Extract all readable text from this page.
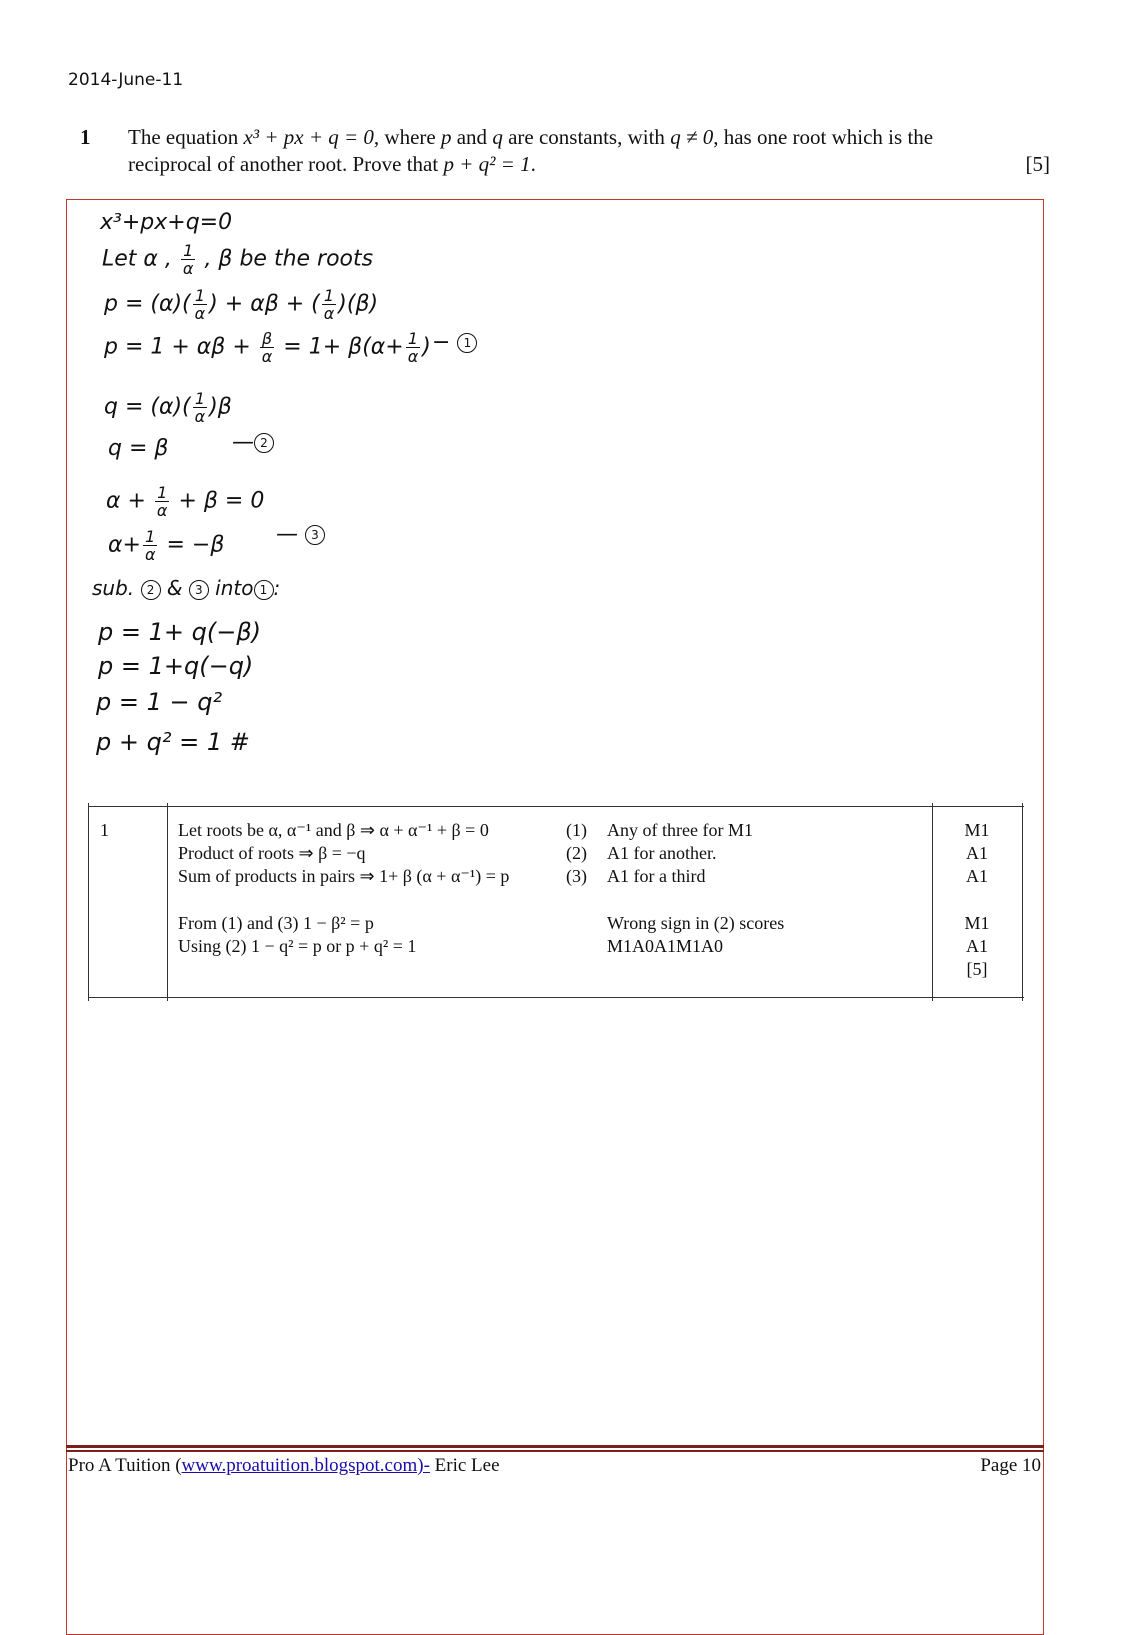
2014-June-11
1 The equation x³ + px + q = 0, where p and q are constants, with q ≠ 0, has one root which is the
reciprocal of another root. Prove that p + q² = 1.	[5]
x³+px+q=0
Let α , $\frac{1}{\alpha}$ , β be the roots
$p = (\alpha)( \frac{1}{\alpha}$ ) + αβ + ( $\frac{1}{\alpha} )(\beta)$
$p = 1 + \alpha\beta + \frac{\beta}{\alpha} = 1+ \beta(\alpha+ \frac{1}{\alpha}$ ) − 1
$q = (\alpha)( \frac{1}{\alpha} )\beta$
q = β	— 2
$\alpha + \frac{1}{\alpha} + \beta = 0$
$\alpha+ \frac{1}{\alpha} = -\beta$ — 3
sub. 2 & 3 into 1 :
p = 1+ q(−β)
p = 1+q(−q)
p = 1 − q²
p + q² = 1 #
1	Let roots be α, α⁻¹ and β ⇒ α + α⁻¹ + β = 0	(1) Any of three for M1	M1
Product of roots ⇒ β = −q	(2) A1 for another.	A1
Sum of products in pairs ⇒ 1+ β (α + α⁻¹) = p	(3) A1 for a third	A1
From (1) and (3) 1 − β² = p	Wrong sign in (2) scores	M1
Using (2) 1 − q² = p or p + q² = 1	M1A0A1M1A0	A1
[5]
Pro A Tuition (www.proatuition.blogspot.com)- Eric Lee	Page 10
